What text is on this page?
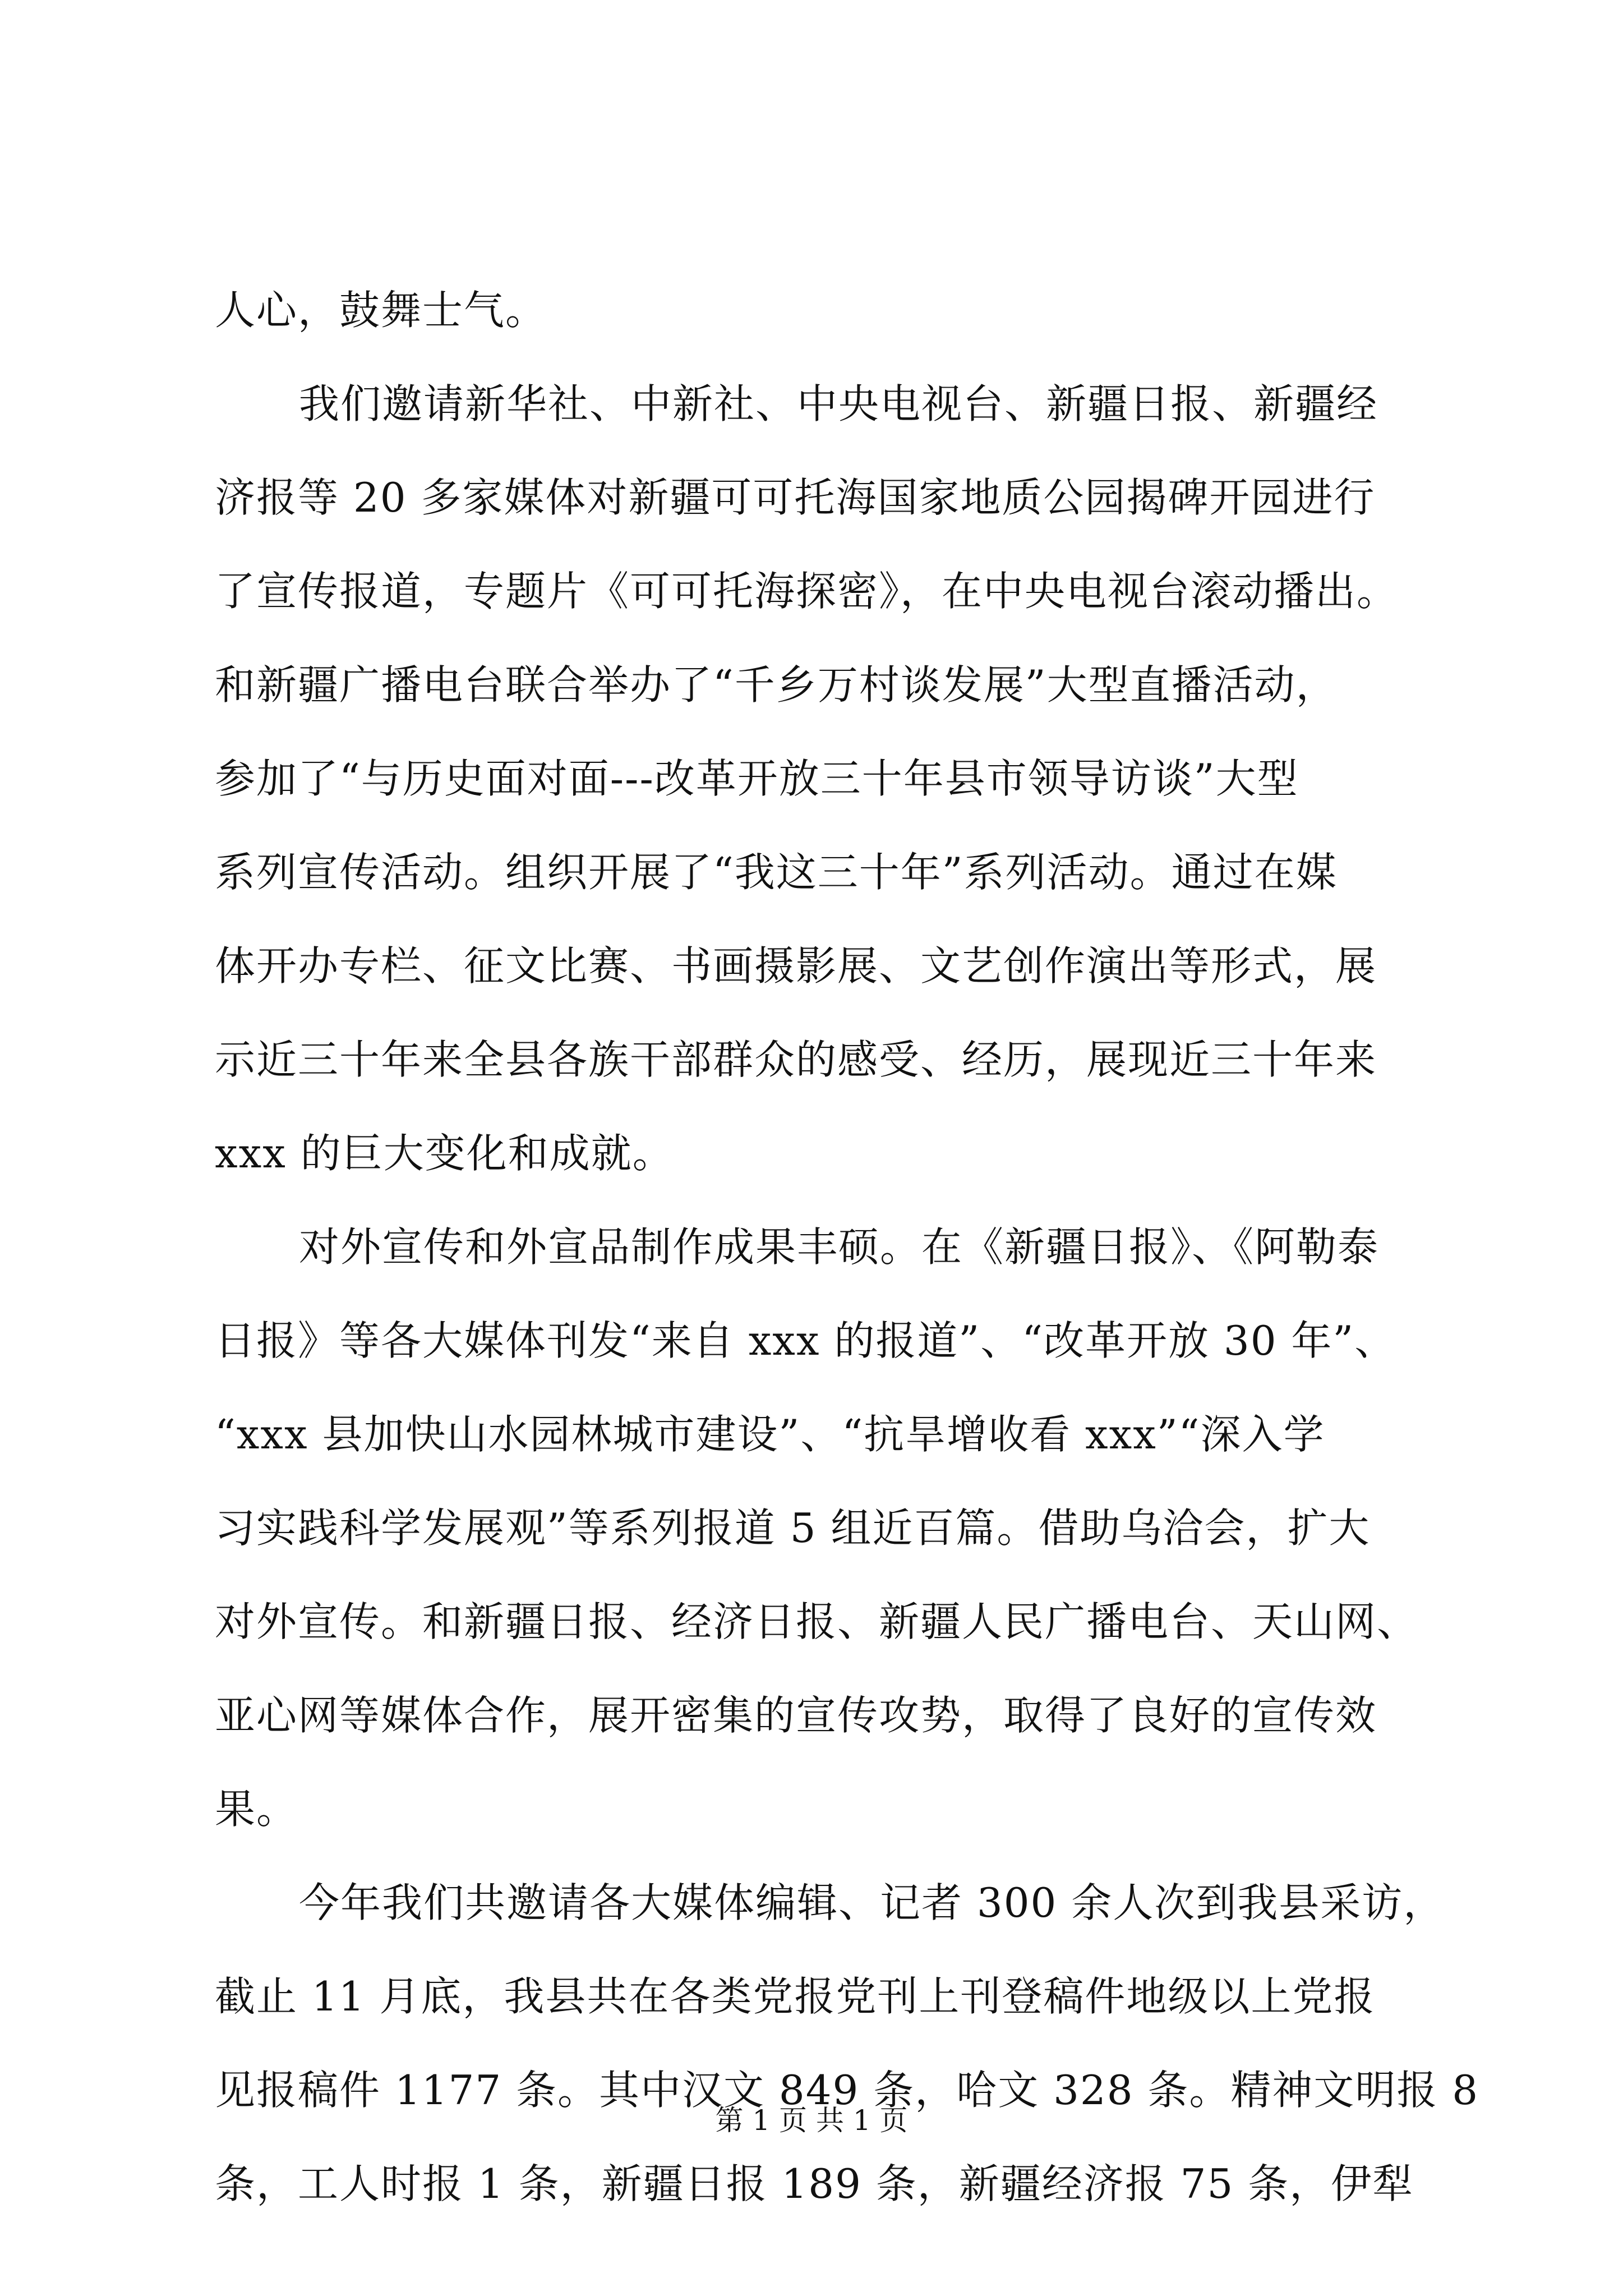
人心，鼓舞士气。
我们邀请新华社、中新社、中央电视台、新疆日报、新疆经
济报等 20 多家媒体对新疆可可托海国家地质公园揭碑开园进行
了宣传报道，专题片《可可托海探密》，在中央电视台滚动播出。
和新疆广播电台联合举办了“千乡万村谈发展”大型直播活动，
参加了“与历史面对面---改革开放三十年县市领导访谈”大型
系列宣传活动。组织开展了“我这三十年”系列活动。通过在媒
体开办专栏、征文比赛、书画摄影展、文艺创作演出等形式，展
示近三十年来全县各族干部群众的感受、经历，展现近三十年来
xxx 的巨大变化和成就。
对外宣传和外宣品制作成果丰硕。在《新疆日报》、《阿勒泰
日报》等各大媒体刊发“来自 xxx 的报道”、“改革开放 30 年”、
“xxx 县加快山水园林城市建设”、“抗旱增收看 xxx”“深入学
习实践科学发展观”等系列报道 5 组近百篇。借助乌洽会，扩大
对外宣传。和新疆日报、经济日报、新疆人民广播电台、天山网、
亚心网等媒体合作，展开密集的宣传攻势，取得了良好的宣传效
果。
今年我们共邀请各大媒体编辑、记者 300 余人次到我县采访，
截止 11 月底，我县共在各类党报党刊上刊登稿件地级以上党报
见报稿件 1177 条。其中汉文 849 条，哈文 328 条。精神文明报 8
条，工人时报 1 条，新疆日报 189 条，新疆经济报 75 条，伊犁
第 1 页 共 1 页
